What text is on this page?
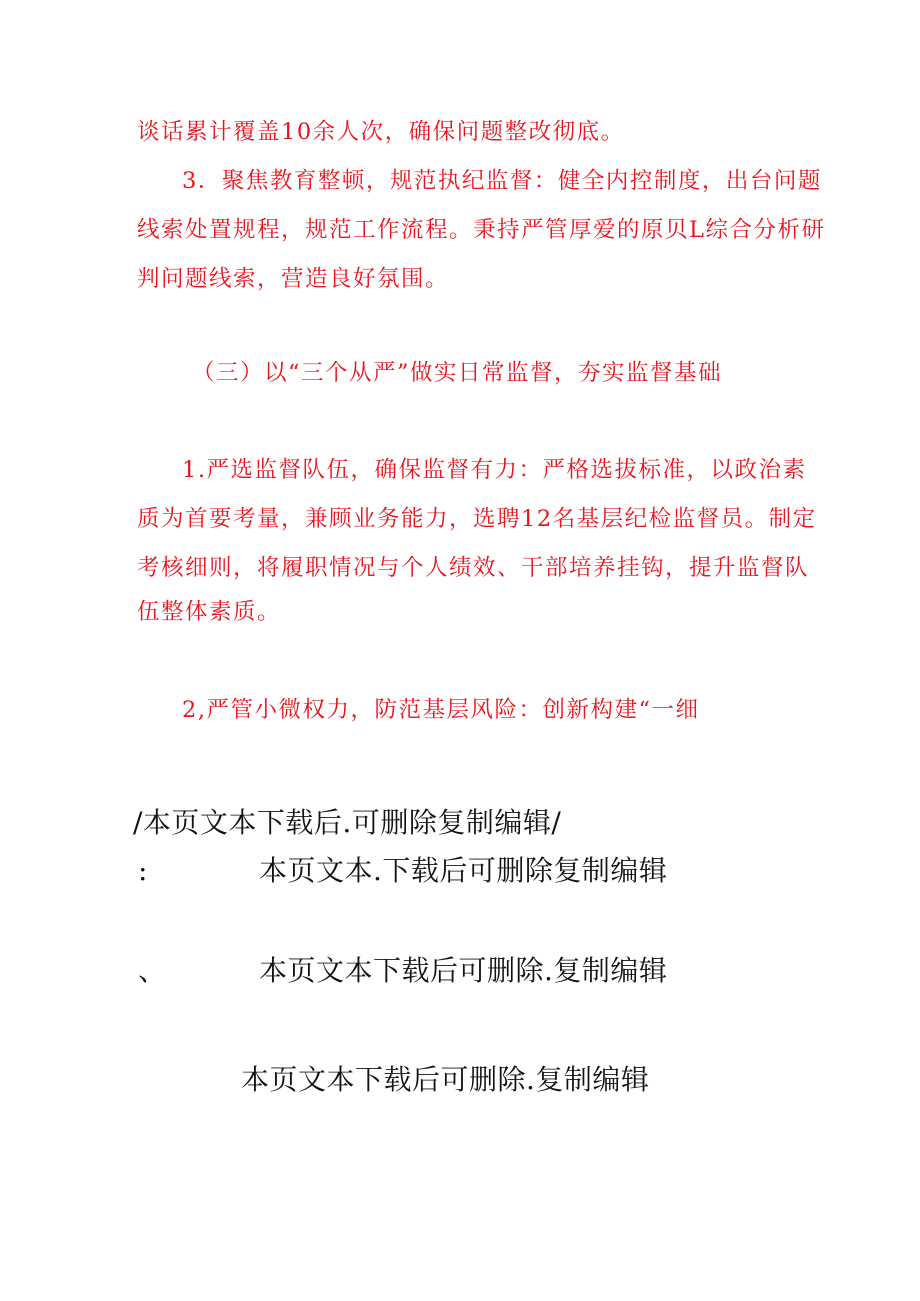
谈话累计覆盖10余人次，确保问题整改彻底。
3．聚焦教育整顿，规范执纪监督：健全内控制度，出台问题
线索处置规程，规范工作流程。秉持严管厚爱的原贝L综合分析研
判问题线索，营造良好氛围。
（三）以“三个从严”做实日常监督，夯实监督基础
1.严选监督队伍，确保监督有力：严格选拔标准，以政治素
质为首要考量，兼顾业务能力，选聘12名基层纪检监督员。制定
考核细则，将履职情况与个人绩效、干部培养挂钩，提升监督队
伍整体素质。
2,严管小微权力，防范基层风险：创新构建“一细
/本页文本下载后.可删除复制编辑/
:	本页文本.下载后可删除复制编辑
、	本页文本下载后可删除.复制编辑
本页文本下载后可删除.复制编辑
